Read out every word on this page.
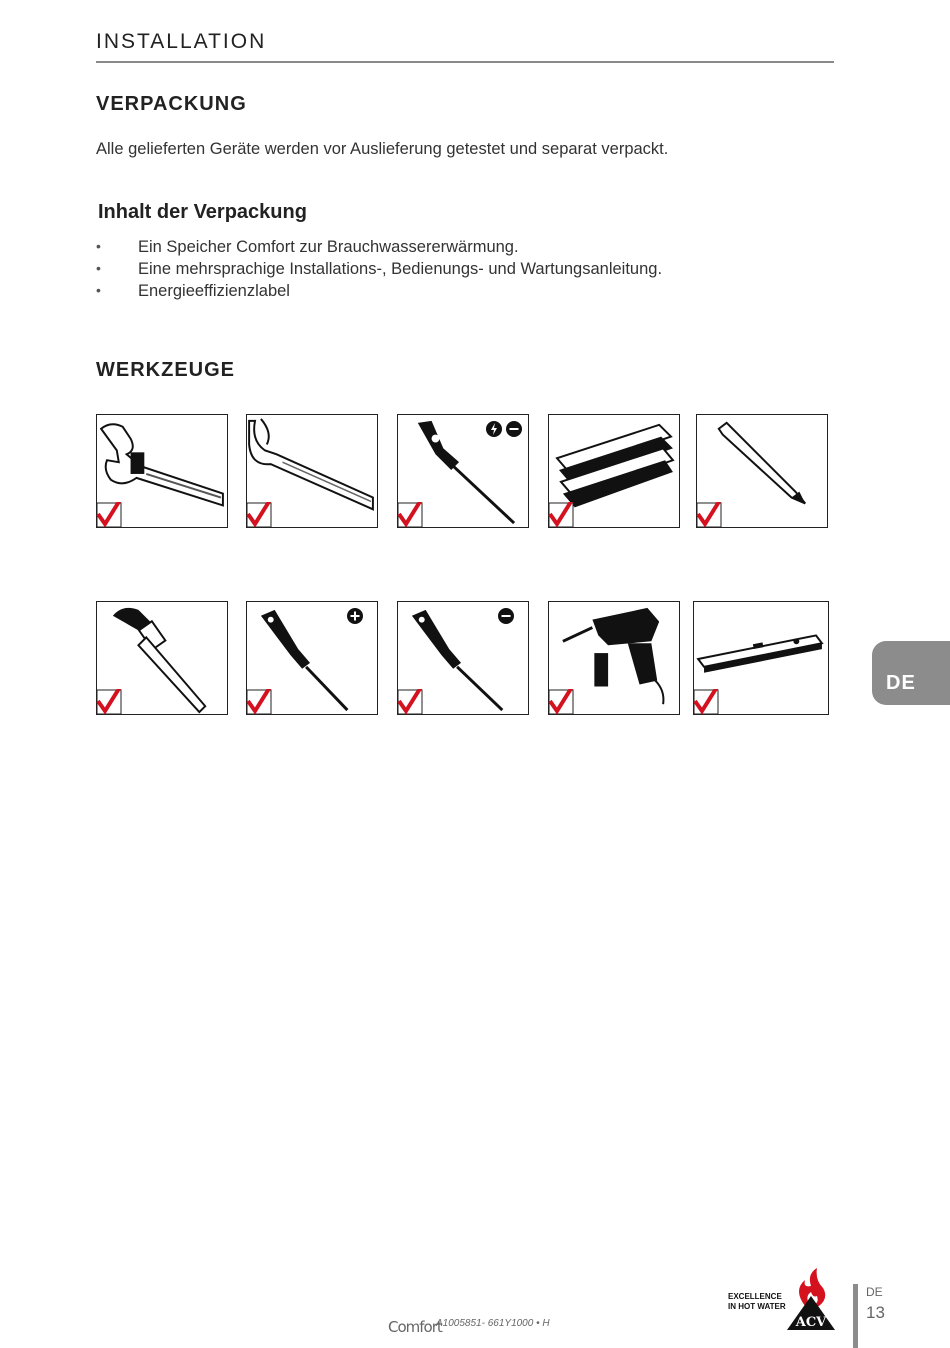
INSTALLATION
VERPACKUNG
Alle gelieferten Geräte werden vor Auslieferung getestet und separat verpackt.
Inhalt der Verpackung
• Ein Speicher Comfort zur Brauchwassererwärmung.
• Eine mehrsprachige Installations-, Bedienungs- und Wartungsanleitung.
• Energieeffizienzlabel
WERKZEUGE
DE
Comfort
A1005851- 661Y1000 • H
EXCELLENCE
IN HOT WATER
ACV
DE
13
